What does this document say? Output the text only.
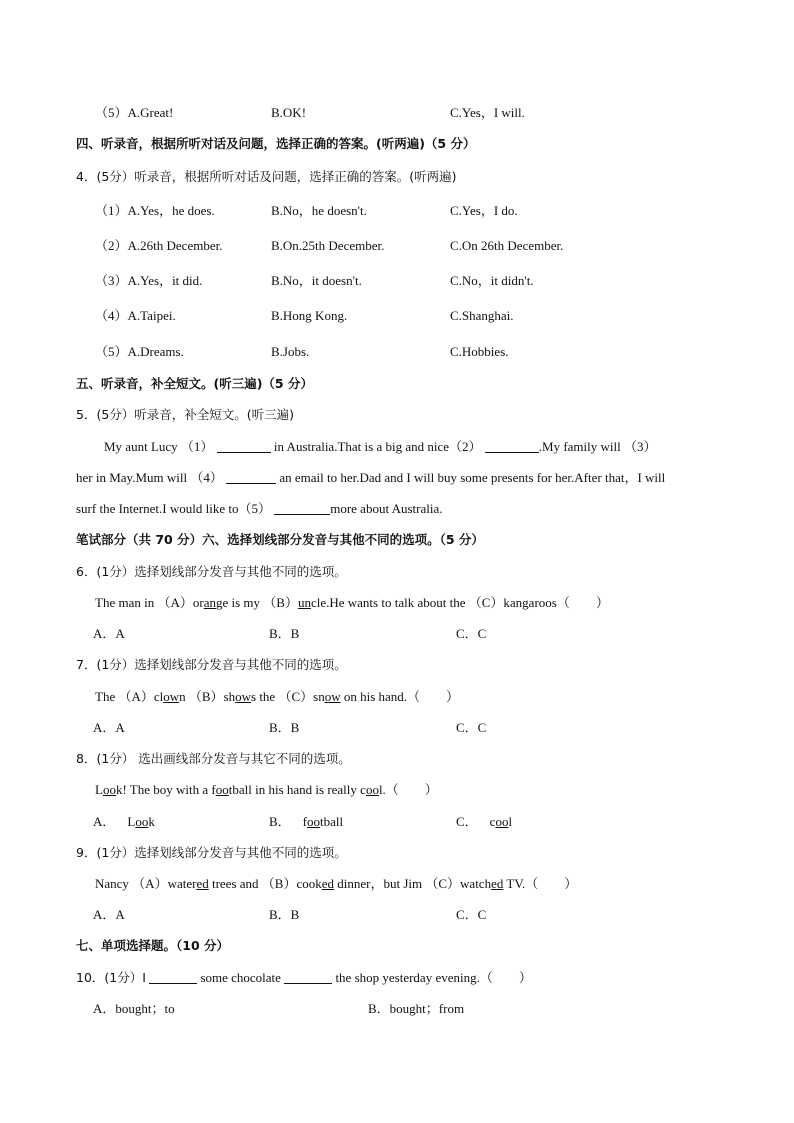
（5）A.Great!	B.OK!	C.Yes，I will.
四、听录音，根据所听对话及问题，选择正确的答案。(听两遍)（5 分）
4．(5分）听录音，根据所听对话及问题，选择正确的答案。(听两遍)
（1）A.Yes，he does.	B.No，he doesn't.	C.Yes，I do.
（2）A.26th December.	B.On.25th December.	C.On 26th December.
（3）A.Yes，it did.	B.No，it doesn't.	C.No，it didn't.
（4）A.Taipei.	B.Hong Kong.	C.Shanghai.
（5）A.Dreams.	B.Jobs.	C.Hobbies.
五、听录音，补全短文。(听三遍)（5 分）
5．(5分）听录音，补全短文。(听三遍)
My aunt Lucy （1）	in Australia.That is a big and nice（2）	.My family will （3）
her in May.Mum will （4）	an email to her.Dad and I will buy some presents for her.After that，I will
surf the Internet.I would like to（5）	more about Australia.
笔试部分（共 70 分）六、选择划线部分发音与其他不同的选项。（5 分）
6．(1分）选择划线部分发音与其他不同的选项。
The man in （A）orange is my （B）uncle.He wants to talk about the （C）kangaroos（　　）
A．A	B．B	C．C
7．(1分）选择划线部分发音与其他不同的选项。
The （A）clown （B）shows the （C）snow on his hand.（　　）
A．A	B．B	C．C
8．(1分） 选出画线部分发音与其它不同的选项。
Look! The boy with a football in his hand is really cool.（　　）
A． Look	B． football	C． cool
9．(1分）选择划线部分发音与其他不同的选项。
Nancy （A）watered trees and （B）cooked dinner，but Jim （C）watched TV.（　　）
A．A	B．B	C．C
七、单项选择题。（10 分）
10．(1分）I	some chocolate	the shop yesterday evening.（　　）
A．bought；to	B．bought；from
